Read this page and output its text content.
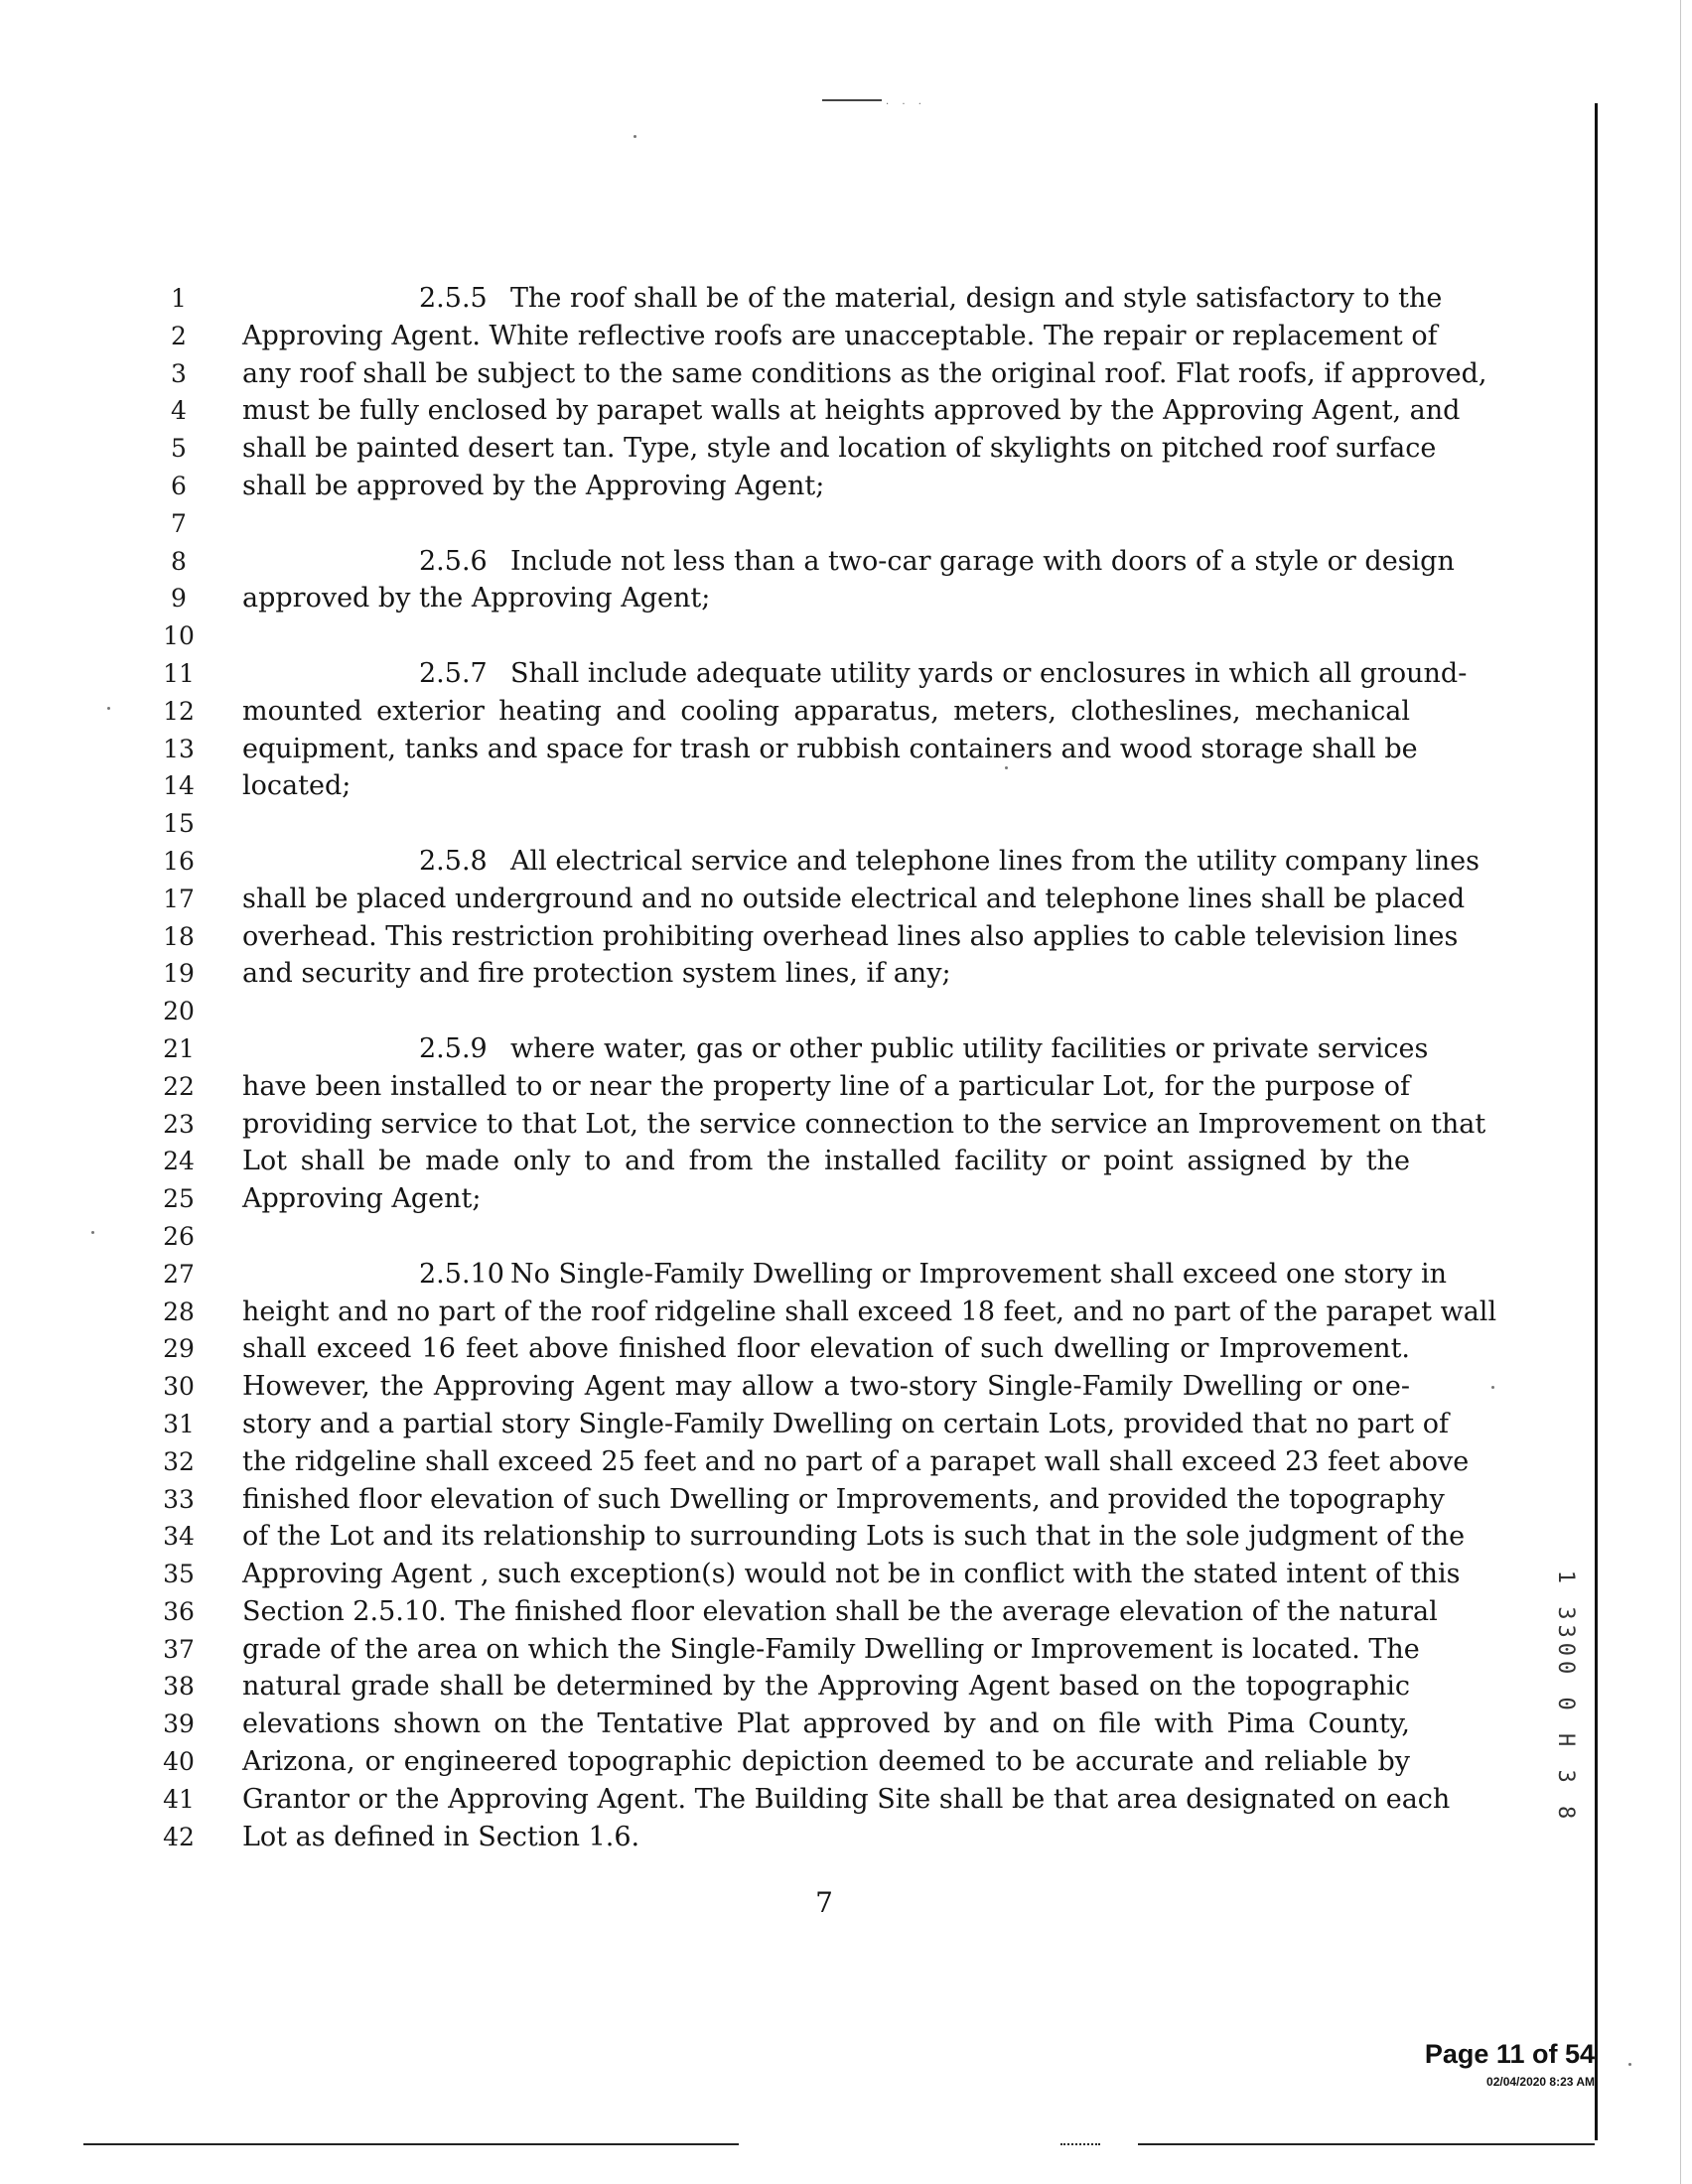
. . .
1
2
3
4
5
6
7
8
9
10
11
12
13
14
15
16
17
18
19
20
21
22
23
24
25
26
27
28
29
30
31
32
33
34
35
36
37
38
39
40
41
42
2.5.5 The roof shall be of the material, design and style satisfactory to the
Approving Agent. White reflective roofs are unacceptable. The repair or replacement of
any roof shall be subject to the same conditions as the original roof. Flat roofs, if approved,
must be fully enclosed by parapet walls at heights approved by the Approving Agent, and
shall be painted desert tan. Type, style and location of skylights on pitched roof surface
shall be approved by the Approving Agent;
2.5.6 Include not less than a two-car garage with doors of a style or design
approved by the Approving Agent;
2.5.7 Shall include adequate utility yards or enclosures in which all ground-
mounted exterior heating and cooling apparatus, meters, clotheslines, mechanical
equipment, tanks and space for trash or rubbish containers and wood storage shall be
located;
2.5.8 All electrical service and telephone lines from the utility company lines
shall be placed underground and no outside electrical and telephone lines shall be placed
overhead. This restriction prohibiting overhead lines also applies to cable television lines
and security and fire protection system lines, if any;
2.5.9 where water, gas or other public utility facilities or private services
have been installed to or near the property line of a particular Lot, for the purpose of
providing service to that Lot, the service connection to the service an Improvement on that
Lot shall be made only to and from the installed facility or point assigned by the
Approving Agent;
2.5.10 No Single-Family Dwelling or Improvement shall exceed one story in
height and no part of the roof ridgeline shall exceed 18 feet, and no part of the parapet wall
shall exceed 16 feet above finished floor elevation of such dwelling or Improvement.
However, the Approving Agent may allow a two-story Single-Family Dwelling or one-
story and a partial story Single-Family Dwelling on certain Lots, provided that no part of
the ridgeline shall exceed 25 feet and no part of a parapet wall shall exceed 23 feet above
finished floor elevation of such Dwelling or Improvements, and provided the topography
of the Lot and its relationship to surrounding Lots is such that in the sole judgment of the
Approving Agent , such exception(s) would not be in conflict with the stated intent of this
Section 2.5.10. The finished floor elevation shall be the average elevation of the natural
grade of the area on which the Single-Family Dwelling or Improvement is located. The
natural grade shall be determined by the Approving Agent based on the topographic
elevations shown on the Tentative Plat approved by and on file with Pima County,
Arizona, or engineered topographic depiction deemed to be accurate and reliable by
Grantor or the Approving Agent. The Building Site shall be that area designated on each
Lot as defined in Section 1.6.
7
1 3300 0 H 3 8
Page 11 of 54
02/04/2020 8:23 AM
